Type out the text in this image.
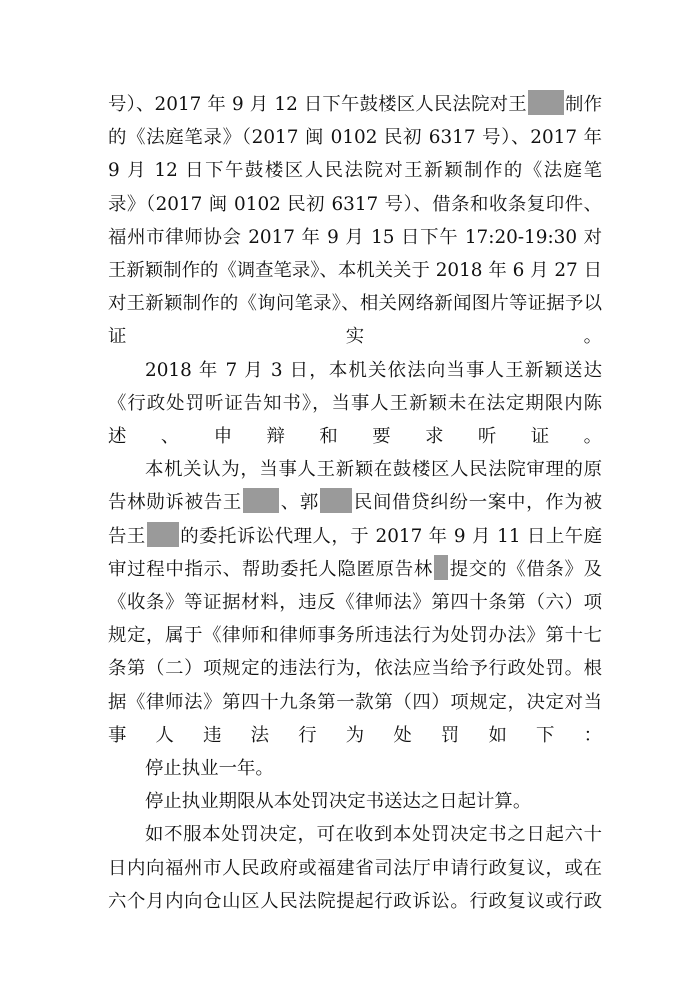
号）、2017 年 9 月 12 日下午鼓楼区人民法院对王 制作的《法庭笔录》（2017 闽 0102 民初 6317 号）、2017 年 9 月 12 日下午鼓楼区人民法院对王新颖制作的《法庭笔录》（2017 闽 0102 民初 6317 号）、借条和收条复印件、福州市律师协会 2017 年 9 月 15 日下午 17:20-19:30 对王新颖制作的《调查笔录》、本机关关于 2018 年 6 月 27 日对王新颖制作的《询问笔录》、相关网络新闻图片等证据予以证实。

2018 年 7 月 3 日，本机关依法向当事人王新颖送达《行政处罚听证告知书》，当事人王新颖未在法定期限内陈述、申辩和要求听证。

本机关认为，当事人王新颖在鼓楼区人民法院审理的原告林勋诉被告王 、郭 民间借贷纠纷一案中，作为被告王 的委托诉讼代理人，于 2017 年 9 月 11 日上午庭审过程中指示、帮助委托人隐匿原告林 提交的《借条》及《收条》等证据材料，违反《律师法》第四十条第（六）项规定，属于《律师和律师事务所违法行为处罚办法》第十七条第（二）项规定的违法行为，依法应当给予行政处罚。根据《律师法》第四十九条第一款第（四）项规定，决定对当事人违法行为处罚如下：

停止执业一年。

停止执业期限从本处罚决定书送达之日起计算。

如不服本处罚决定，可在收到本处罚决定书之日起六十日内向福州市人民政府或福建省司法厅申请行政复议，或在六个月内向仓山区人民法院提起行政诉讼。行政复议或行政
